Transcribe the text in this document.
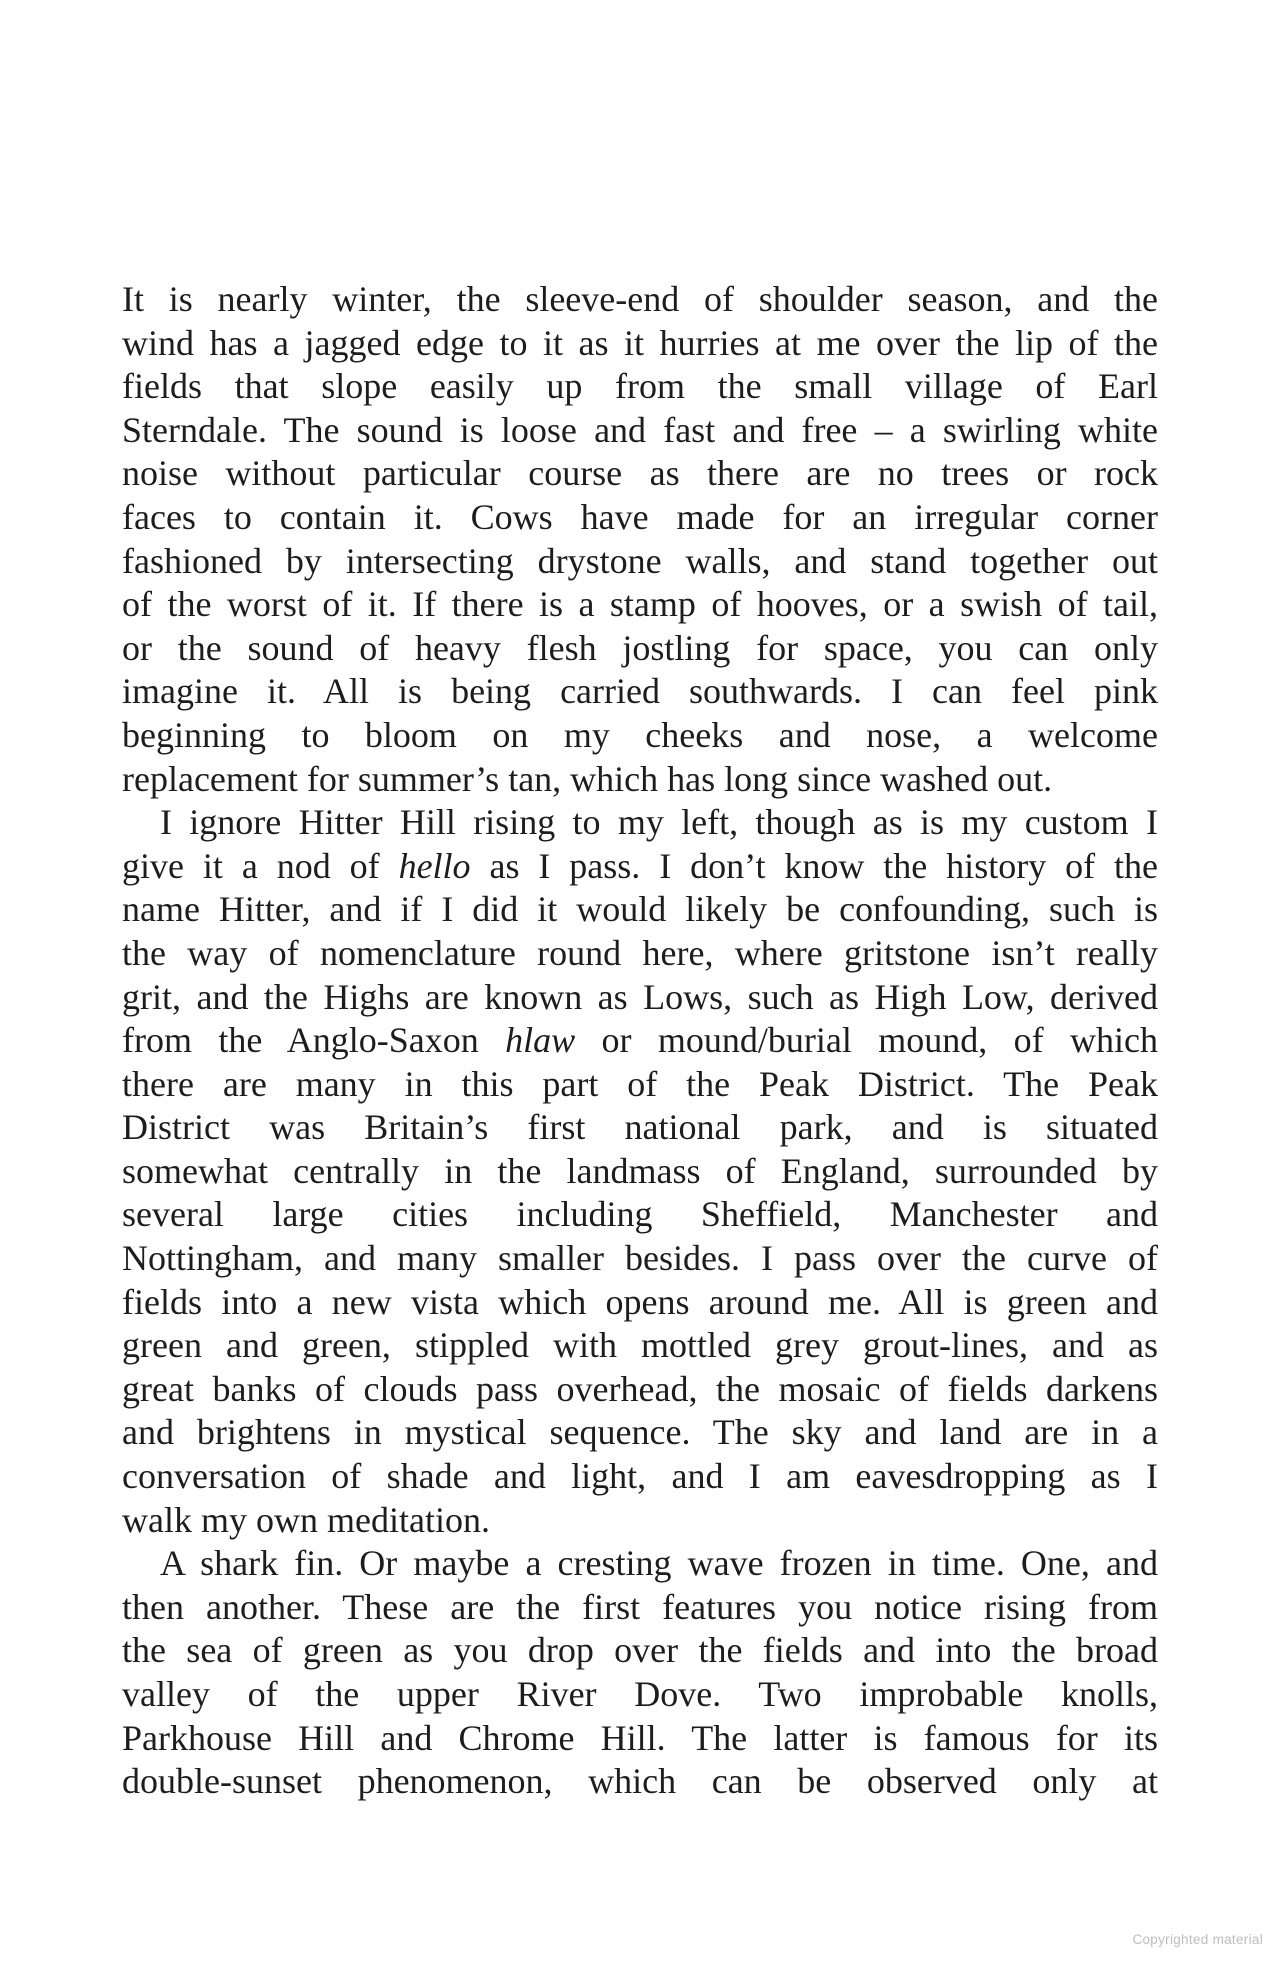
It is nearly winter, the sleeve-end of shoulder season, and the
wind has a jagged edge to it as it hurries at me over the lip of the
fields that slope easily up from the small village of Earl
Sterndale. The sound is loose and fast and free – a swirling white
noise without particular course as there are no trees or rock
faces to contain it. Cows have made for an irregular corner
fashioned by intersecting drystone walls, and stand together out
of the worst of it. If there is a stamp of hooves, or a swish of tail,
or the sound of heavy flesh jostling for space, you can only
imagine it. All is being carried southwards. I can feel pink
beginning to bloom on my cheeks and nose, a welcome
replacement for summer’s tan, which has long since washed out.
I ignore Hitter Hill rising to my left, though as is my custom I
give it a nod of hello as I pass. I don’t know the history of the
name Hitter, and if I did it would likely be confounding, such is
the way of nomenclature round here, where gritstone isn’t really
grit, and the Highs are known as Lows, such as High Low, derived
from the Anglo-Saxon hlaw or mound/burial mound, of which
there are many in this part of the Peak District. The Peak
District was Britain’s first national park, and is situated
somewhat centrally in the landmass of England, surrounded by
several large cities including Sheffield, Manchester and
Nottingham, and many smaller besides. I pass over the curve of
fields into a new vista which opens around me. All is green and
green and green, stippled with mottled grey grout-lines, and as
great banks of clouds pass overhead, the mosaic of fields darkens
and brightens in mystical sequence. The sky and land are in a
conversation of shade and light, and I am eavesdropping as I
walk my own meditation.
A shark fin. Or maybe a cresting wave frozen in time. One, and
then another. These are the first features you notice rising from
the sea of green as you drop over the fields and into the broad
valley of the upper River Dove. Two improbable knolls,
Parkhouse Hill and Chrome Hill. The latter is famous for its
double-sunset phenomenon, which can be observed only at
Copyrighted material
